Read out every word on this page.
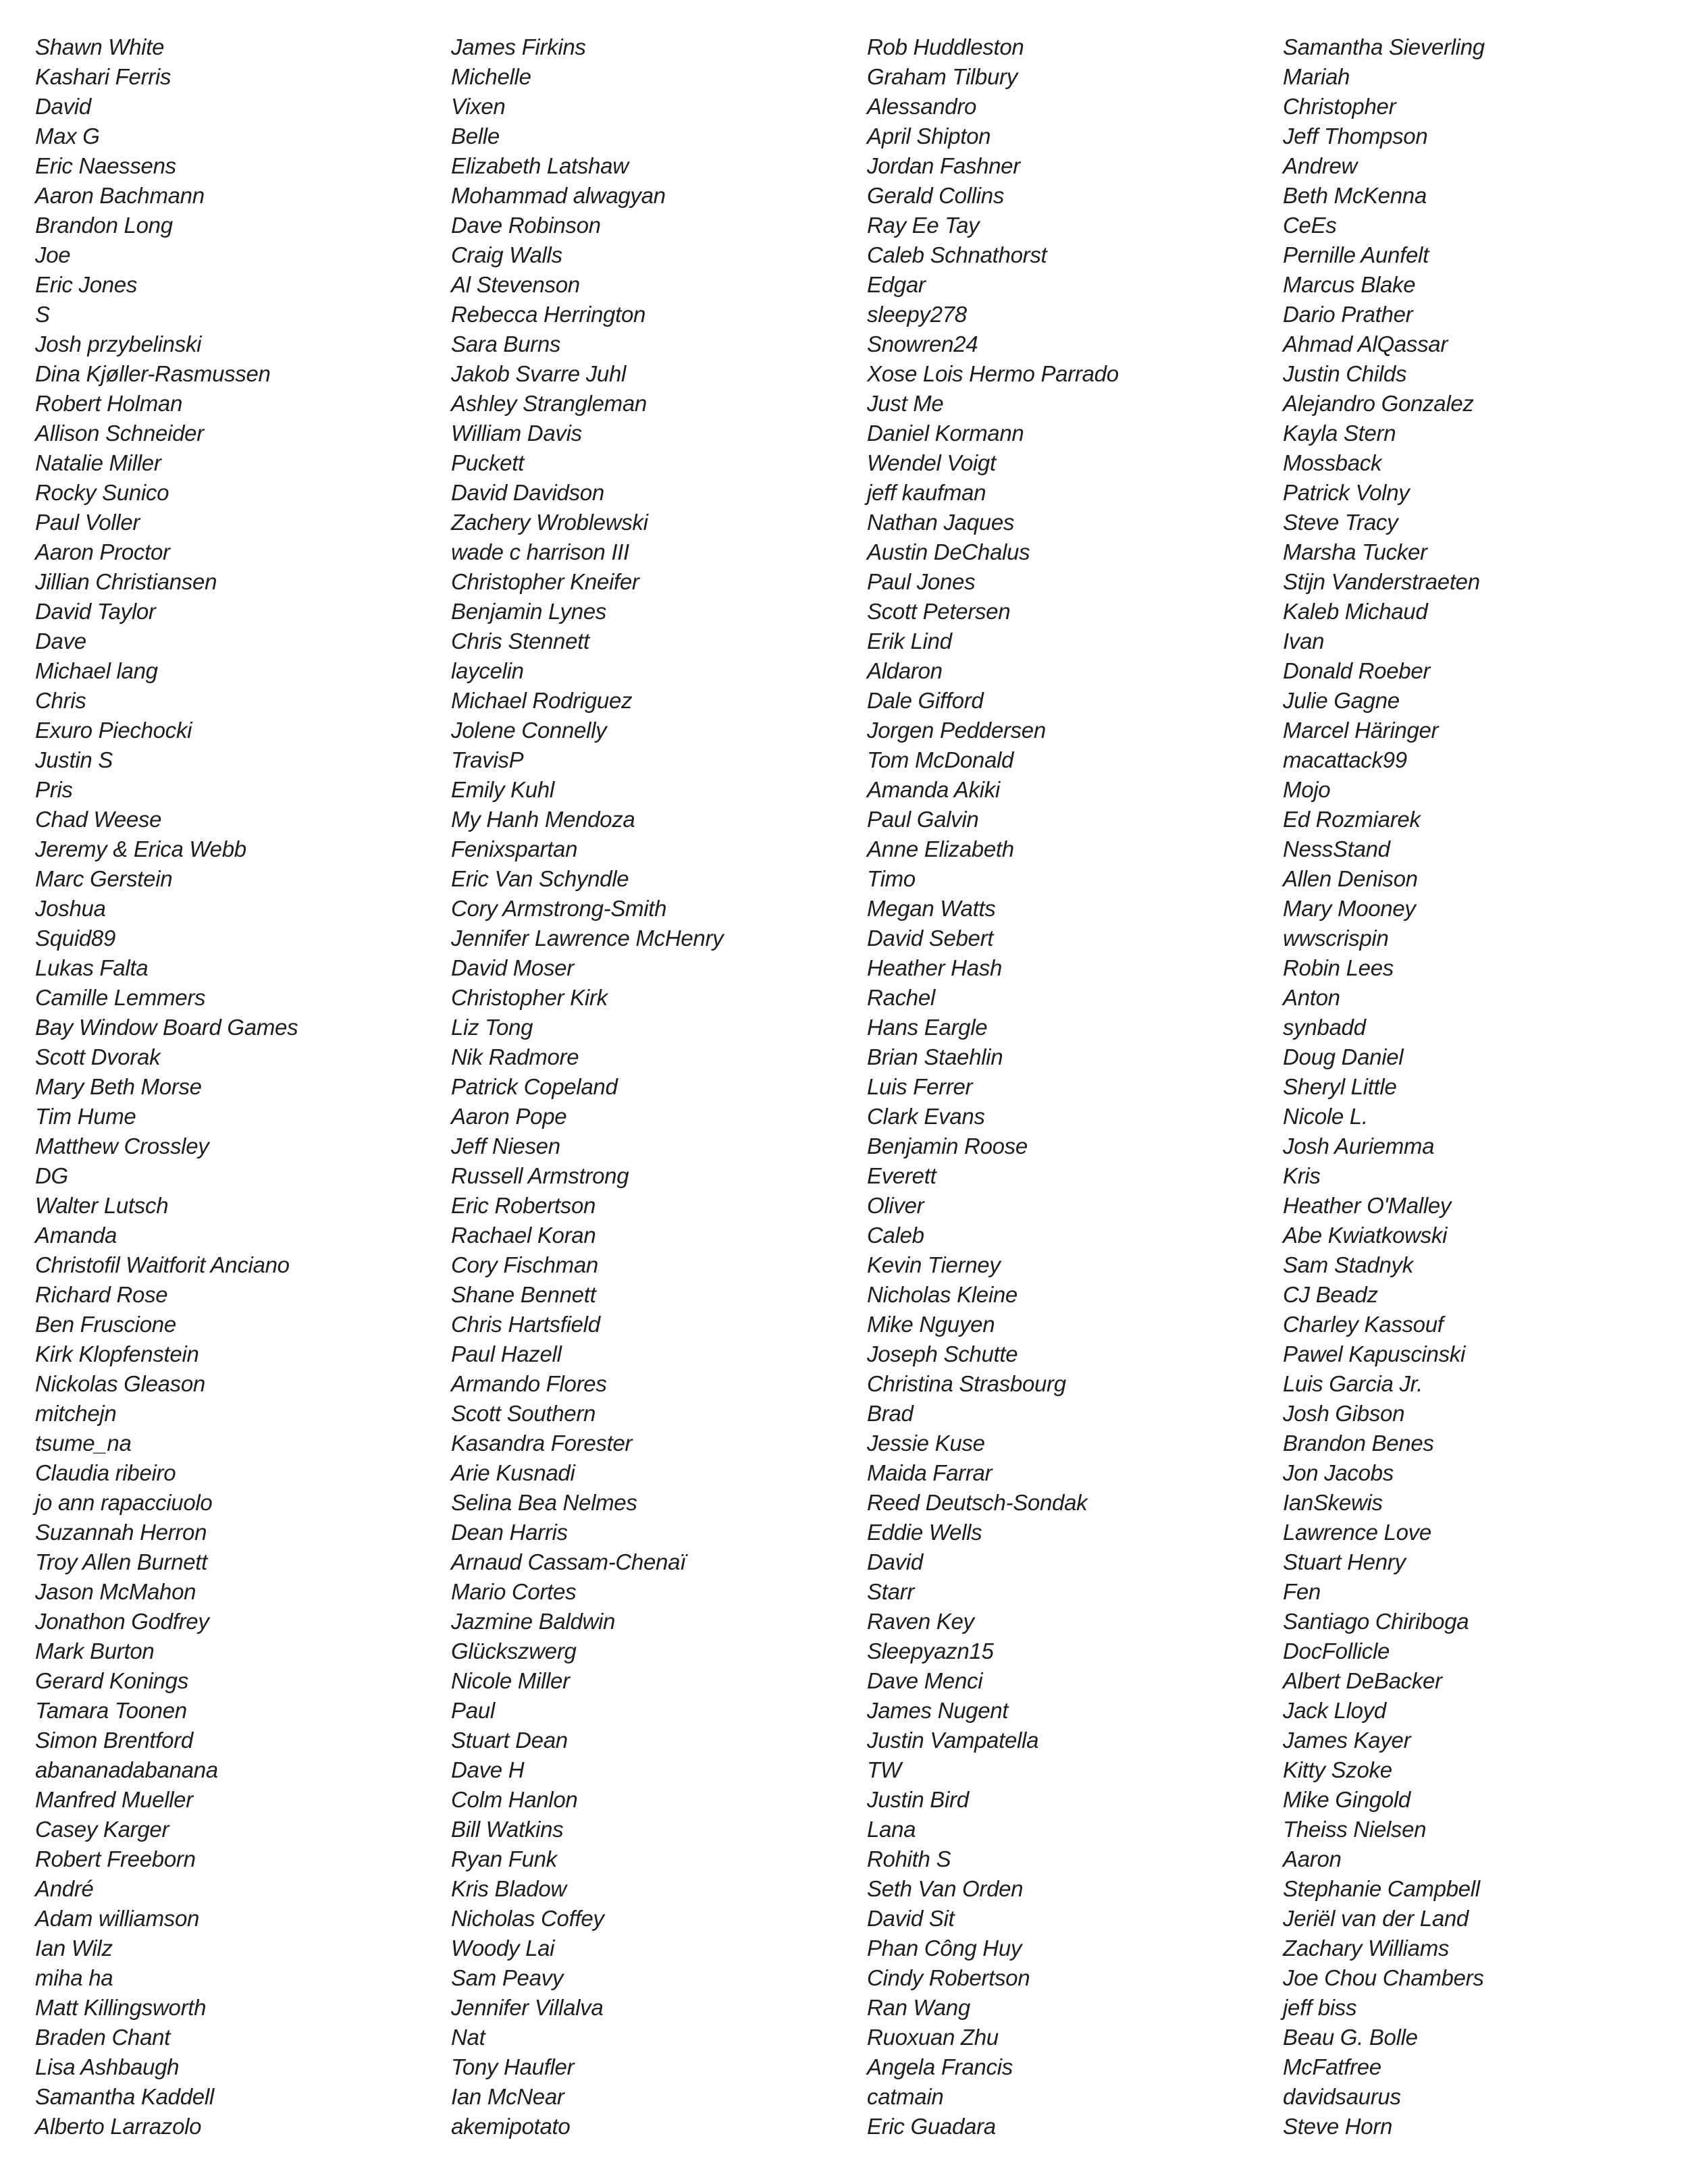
Shawn White
Kashari Ferris
David
Max G
Eric Naessens
Aaron Bachmann
Brandon Long
Joe
Eric Jones
S
Josh przybelinski
Dina Kjøller-Rasmussen
Robert Holman
Allison Schneider
Natalie Miller
Rocky Sunico
Paul Voller
Aaron Proctor
Jillian Christiansen
David Taylor
Dave
Michael lang
Chris
Exuro Piechocki
Justin S
Pris
Chad Weese
Jeremy & Erica Webb
Marc Gerstein
Joshua
Squid89
Lukas Falta
Camille Lemmers
Bay Window Board Games
Scott Dvorak
Mary Beth Morse
Tim Hume
Matthew Crossley
DG
Walter Lutsch
Amanda
Christofil Waitforit Anciano
Richard Rose
Ben Fruscione
Kirk Klopfenstein
Nickolas Gleason
mitchejn
tsume_na
Claudia ribeiro
jo ann rapacciuolo
Suzannah Herron
Troy Allen Burnett
Jason McMahon
Jonathon Godfrey
Mark Burton
Gerard Konings
Tamara Toonen
Simon Brentford
abananadabanana
Manfred Mueller
Casey Karger
Robert Freeborn
André
Adam williamson
Ian Wilz
miha ha
Matt Killingsworth
Braden Chant
Lisa Ashbaugh
Samantha Kaddell
Alberto Larrazolo
James Firkins
Michelle
Vixen
Belle
Elizabeth Latshaw
Mohammad alwagyan
Dave Robinson
Craig Walls
Al Stevenson
Rebecca Herrington
Sara Burns
Jakob Svarre Juhl
Ashley Strangleman
William Davis
Puckett
David Davidson
Zachery Wroblewski
wade c harrison III
Christopher Kneifer
Benjamin Lynes
Chris Stennett
laycelin
Michael Rodriguez
Jolene Connelly
TravisP
Emily Kuhl
My Hanh Mendoza
Fenixspartan
Eric Van Schyndle
Cory Armstrong-Smith
Jennifer Lawrence McHenry
David Moser
Christopher Kirk
Liz Tong
Nik Radmore
Patrick Copeland
Aaron Pope
Jeff Niesen
Russell Armstrong
Eric Robertson
Rachael Koran
Cory Fischman
Shane Bennett
Chris Hartsfield
Paul Hazell
Armando Flores
Scott Southern
Kasandra Forester
Arie Kusnadi
Selina Bea Nelmes
Dean Harris
Arnaud Cassam-Chenaï
Mario Cortes
Jazmine Baldwin
Glückszwerg
Nicole Miller
Paul
Stuart Dean
Dave H
Colm Hanlon
Bill Watkins
Ryan Funk
Kris Bladow
Nicholas Coffey
Woody Lai
Sam Peavy
Jennifer Villalva
Nat
Tony Haufler
Ian McNear
akemipotato
Rob Huddleston
Graham Tilbury
Alessandro
April Shipton
Jordan Fashner
Gerald Collins
Ray Ee Tay
Caleb Schnathorst
Edgar
sleepy278
Snowren24
Xose Lois Hermo Parrado
Just Me
Daniel Kormann
Wendel Voigt
jeff kaufman
Nathan Jaques
Austin DeChalus
Paul Jones
Scott Petersen
Erik Lind
Aldaron
Dale Gifford
Jorgen Peddersen
Tom McDonald
Amanda Akiki
Paul Galvin
Anne Elizabeth
Timo
Megan Watts
David Sebert
Heather Hash
Rachel
Hans Eargle
Brian Staehlin
Luis Ferrer
Clark Evans
Benjamin Roose
Everett
Oliver
Caleb
Kevin Tierney
Nicholas Kleine
Mike Nguyen
Joseph Schutte
Christina Strasbourg
Brad
Jessie Kuse
Maida Farrar
Reed Deutsch-Sondak
Eddie Wells
David
Starr
Raven Key
Sleepyazn15
Dave Menci
James Nugent
Justin Vampatella
TW
Justin Bird
Lana
Rohith S
Seth Van Orden
David Sit
Phan Công Huy
Cindy Robertson
Ran Wang
Ruoxuan Zhu
Angela Francis
catmain
Eric Guadara
Samantha Sieverling
Mariah
Christopher
Jeff Thompson
Andrew
Beth McKenna
CeEs
Pernille Aunfelt
Marcus Blake
Dario Prather
Ahmad AlQassar
Justin Childs
Alejandro Gonzalez
Kayla Stern
Mossback
Patrick Volny
Steve Tracy
Marsha Tucker
Stijn Vanderstraeten
Kaleb Michaud
Ivan
Donald Roeber
Julie Gagne
Marcel Häringer
macattack99
Mojo
Ed Rozmiarek
NessStand
Allen Denison
Mary Mooney
wwscrispin
Robin Lees
Anton
synbadd
Doug Daniel
Sheryl Little
Nicole L.
Josh Auriemma
Kris
Heather O'Malley
Abe Kwiatkowski
Sam Stadnyk
CJ Beadz
Charley Kassouf
Pawel Kapuscinski
Luis Garcia Jr.
Josh Gibson
Brandon Benes
Jon Jacobs
IanSkewis
Lawrence Love
Stuart Henry
Fen
Santiago Chiriboga
DocFollicle
Albert DeBacker
Jack Lloyd
James Kayer
Kitty Szoke
Mike Gingold
Theiss Nielsen
Aaron
Stephanie Campbell
Jeriël van der Land
Zachary Williams
Joe Chou Chambers
jeff biss
Beau G. Bolle
McFatfree
davidsaurus
Steve Horn
